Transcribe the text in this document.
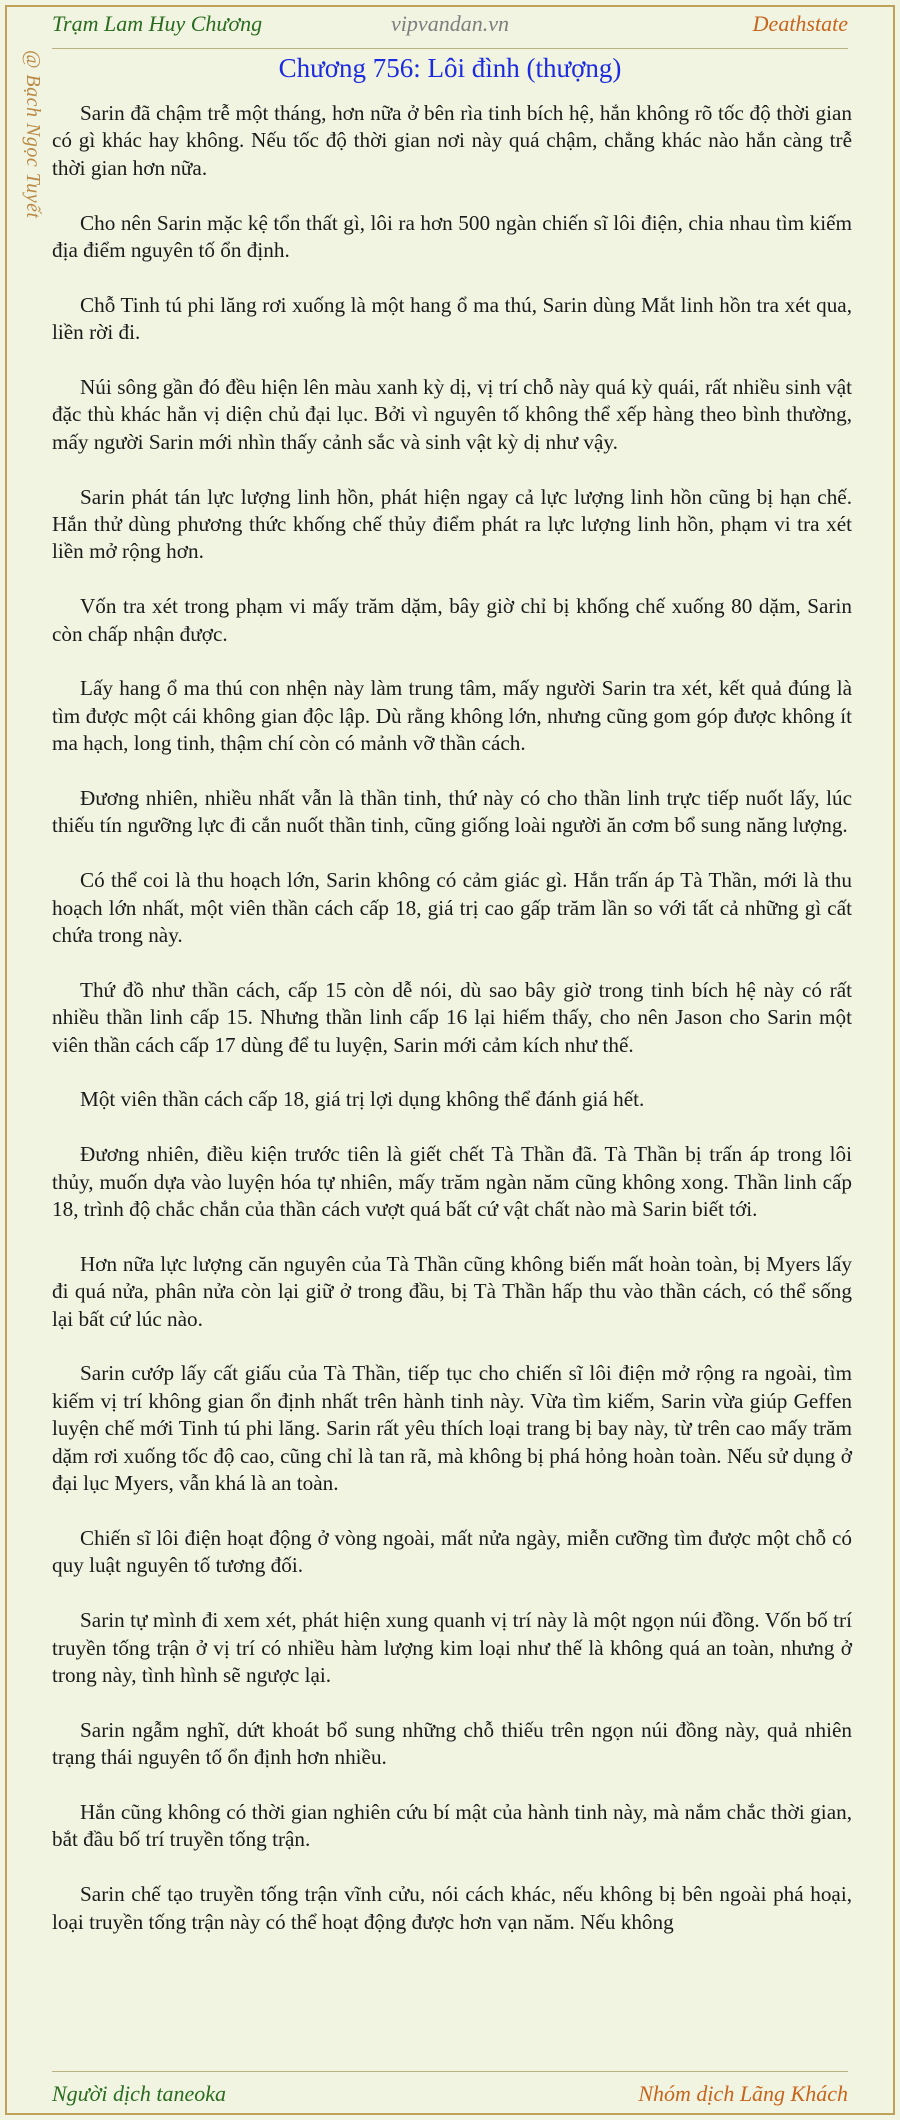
Trạm Lam Huy Chương	vipvandan.vn	Deathstate
@ Bạch Ngọc Tuyết	Chương 756: Lôi đình (thượng)

Sarin đã chậm trễ một tháng, hơn nữa ở bên rìa tinh bích hệ, hắn không rõ tốc độ thời gian có gì khác hay không. Nếu tốc độ thời gian nơi này quá chậm, chẳng khác nào hắn càng trễ thời gian hơn nữa.

Cho nên Sarin mặc kệ tổn thất gì, lôi ra hơn 500 ngàn chiến sĩ lôi điện, chia nhau tìm kiếm địa điểm nguyên tố ổn định.

Chỗ Tinh tú phi lăng rơi xuống là một hang ổ ma thú, Sarin dùng Mắt linh hồn tra xét qua, liền rời đi.

Núi sông gần đó đều hiện lên màu xanh kỳ dị, vị trí chỗ này quá kỳ quái, rất nhiều sinh vật đặc thù khác hẳn vị diện chủ đại lục. Bởi vì nguyên tố không thể xếp hàng theo bình thường, mấy người Sarin mới nhìn thấy cảnh sắc và sinh vật kỳ dị như vậy.

Sarin phát tán lực lượng linh hồn, phát hiện ngay cả lực lượng linh hồn cũng bị hạn chế. Hắn thử dùng phương thức khống chế thủy điểm phát ra lực lượng linh hồn, phạm vi tra xét liền mở rộng hơn.

Vốn tra xét trong phạm vi mấy trăm dặm, bây giờ chỉ bị khống chế xuống 80 dặm, Sarin còn chấp nhận được.

Lấy hang ổ ma thú con nhện này làm trung tâm, mấy người Sarin tra xét, kết quả đúng là tìm được một cái không gian độc lập. Dù rằng không lớn, nhưng cũng gom góp được không ít ma hạch, long tinh, thậm chí còn có mảnh vỡ thần cách.

Đương nhiên, nhiều nhất vẫn là thần tinh, thứ này có cho thần linh trực tiếp nuốt lấy, lúc thiếu tín ngưỡng lực đi cắn nuốt thần tinh, cũng giống loài người ăn cơm bổ sung năng lượng.

Có thể coi là thu hoạch lớn, Sarin không có cảm giác gì. Hắn trấn áp Tà Thần, mới là thu hoạch lớn nhất, một viên thần cách cấp 18, giá trị cao gấp trăm lần so với tất cả những gì cất chứa trong này.

Thứ đồ như thần cách, cấp 15 còn dễ nói, dù sao bây giờ trong tinh bích hệ này có rất nhiều thần linh cấp 15. Nhưng thần linh cấp 16 lại hiếm thấy, cho nên Jason cho Sarin một viên thần cách cấp 17 dùng để tu luyện, Sarin mới cảm kích như thế.

Một viên thần cách cấp 18, giá trị lợi dụng không thể đánh giá hết.

Đương nhiên, điều kiện trước tiên là giết chết Tà Thần đã. Tà Thần bị trấn áp trong lôi thủy, muốn dựa vào luyện hóa tự nhiên, mấy trăm ngàn năm cũng không xong. Thần linh cấp 18, trình độ chắc chắn của thần cách vượt quá bất cứ vật chất nào mà Sarin biết tới.

Hơn nữa lực lượng căn nguyên của Tà Thần cũng không biến mất hoàn toàn, bị Myers lấy đi quá nửa, phân nửa còn lại giữ ở trong đầu, bị Tà Thần hấp thu vào thần cách, có thể sống lại bất cứ lúc nào.

Sarin cướp lấy cất giấu của Tà Thần, tiếp tục cho chiến sĩ lôi điện mở rộng ra ngoài, tìm kiếm vị trí không gian ổn định nhất trên hành tinh này. Vừa tìm kiếm, Sarin vừa giúp Geffen luyện chế mới Tinh tú phi lăng. Sarin rất yêu thích loại trang bị bay này, từ trên cao mấy trăm dặm rơi xuống tốc độ cao, cũng chỉ là tan rã, mà không bị phá hỏng hoàn toàn. Nếu sử dụng ở đại lục Myers, vẫn khá là an toàn.

Chiến sĩ lôi điện hoạt động ở vòng ngoài, mất nửa ngày, miễn cưỡng tìm được một chỗ có quy luật nguyên tố tương đối.

Sarin tự mình đi xem xét, phát hiện xung quanh vị trí này là một ngọn núi đồng. Vốn bố trí truyền tống trận ở vị trí có nhiều hàm lượng kim loại như thế là không quá an toàn, nhưng ở trong này, tình hình sẽ ngược lại.

Sarin ngẫm nghĩ, dứt khoát bổ sung những chỗ thiếu trên ngọn núi đồng này, quả nhiên trạng thái nguyên tố ổn định hơn nhiều.

Hắn cũng không có thời gian nghiên cứu bí mật của hành tinh này, mà nắm chắc thời gian, bắt đầu bố trí truyền tống trận.

Sarin chế tạo truyền tống trận vĩnh cửu, nói cách khác, nếu không bị bên ngoài phá hoại, loại truyền tống trận này có thể hoạt động được hơn vạn năm. Nếu không

Người dịch taneoka	Nhóm dịch Lãng Khách
